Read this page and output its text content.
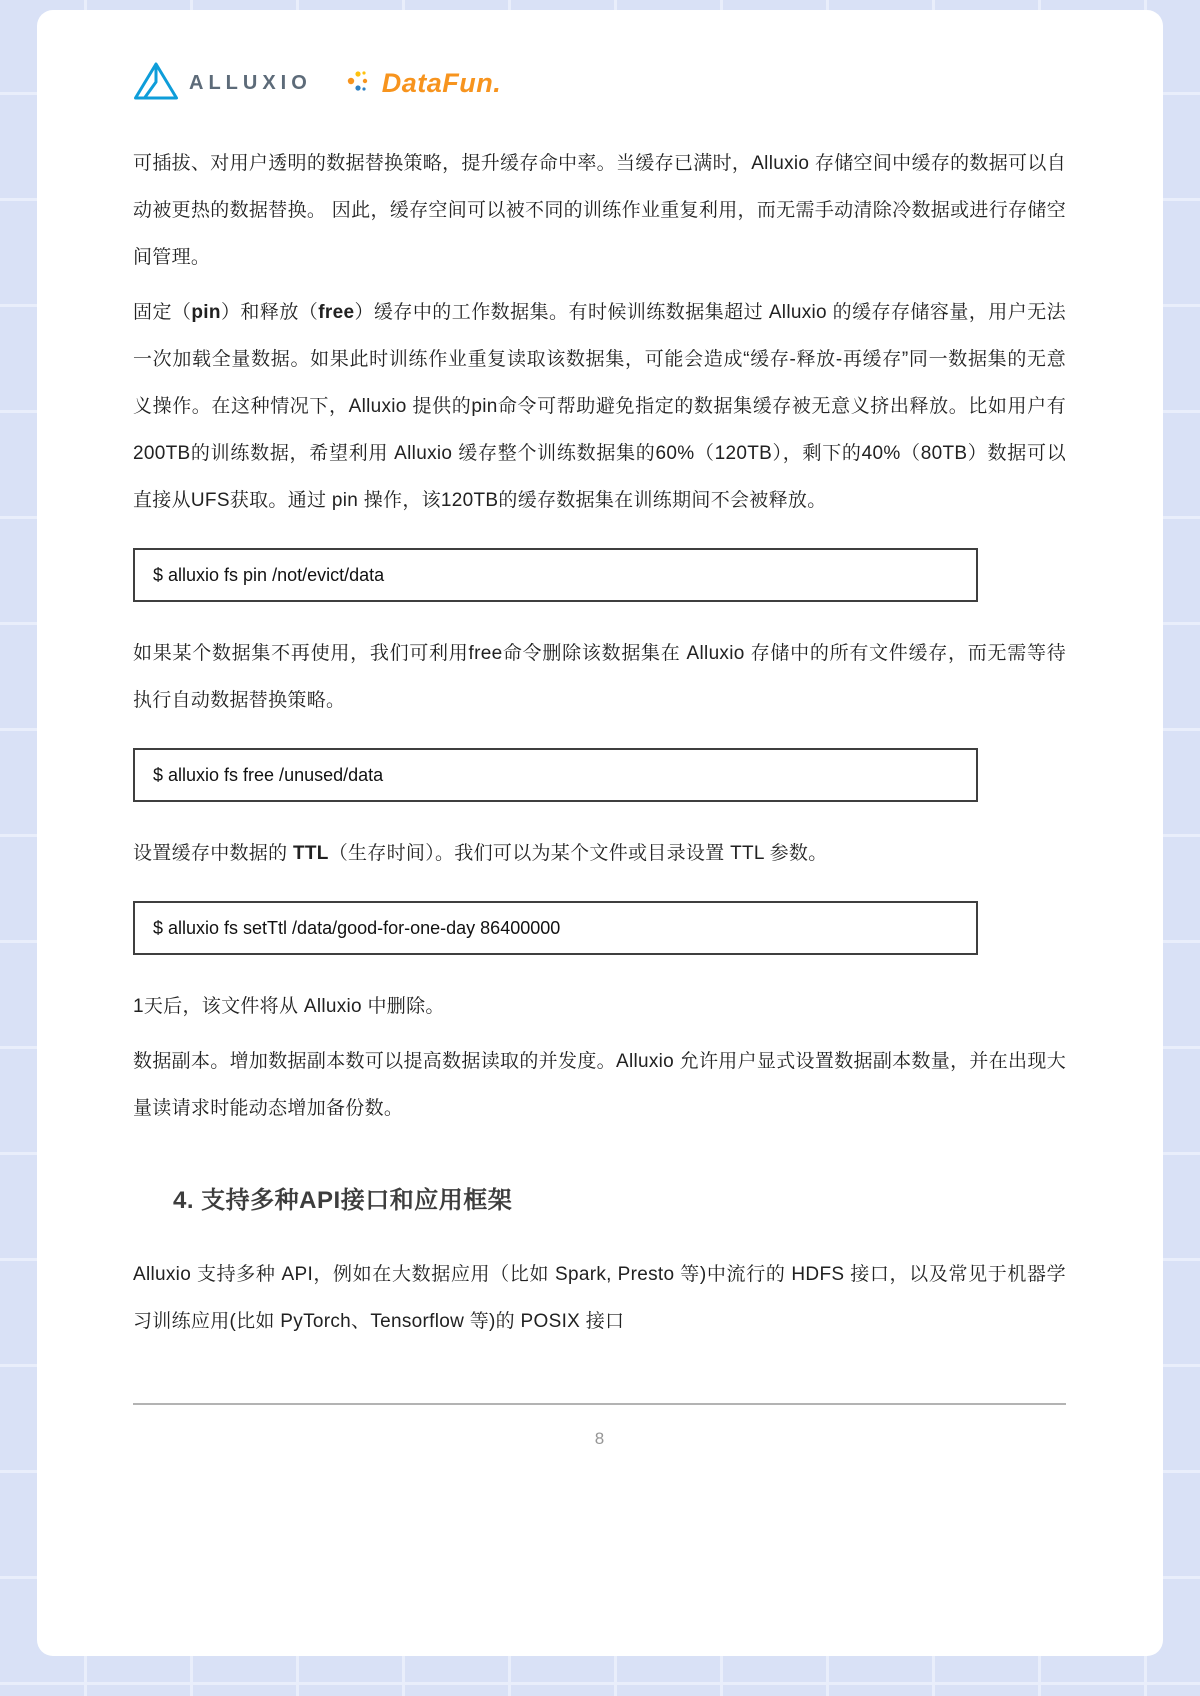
ALLUXIO	DataFun.

可插拔、对用户透明的数据替换策略，提升缓存命中率。当缓存已满时，Alluxio 存储空间中缓存的数据可以自动被更热的数据替换。 因此，缓存空间可以被不同的训练作业重复利用，而无需手动清除冷数据或进行存储空间管理。

固定（pin）和释放（free）缓存中的工作数据集。有时候训练数据集超过 Alluxio 的缓存存储容量，用户无法一次加载全量数据。如果此时训练作业重复读取该数据集，可能会造成“缓存-释放-再缓存”同一数据集的无意义操作。在这种情况下，Alluxio 提供的pin命令可帮助避免指定的数据集缓存被无意义挤出释放。比如用户有200TB的训练数据，希望利用 Alluxio 缓存整个训练数据集的60%（120TB），剩下的40%（80TB）数据可以直接从UFS获取。通过 pin 操作，该120TB的缓存数据集在训练期间不会被释放。

$ alluxio fs pin /not/evict/data

如果某个数据集不再使用，我们可利用free命令删除该数据集在 Alluxio 存储中的所有文件缓存，而无需等待执行自动数据替换策略。

$ alluxio fs free /unused/data

设置缓存中数据的 TTL（生存时间）。我们可以为某个文件或目录设置 TTL 参数。

$ alluxio fs setTtl /data/good-for-one-day 86400000

1天后，该文件将从 Alluxio 中删除。

数据副本。增加数据副本数可以提高数据读取的并发度。Alluxio 允许用户显式设置数据副本数量，并在出现大量读请求时能动态增加备份数。

4. 支持多种API接口和应用框架

Alluxio 支持多种 API，例如在大数据应用（比如 Spark, Presto 等)中流行的 HDFS 接口，以及常见于机器学习训练应用(比如 PyTorch、Tensorflow 等)的 POSIX 接口

8
